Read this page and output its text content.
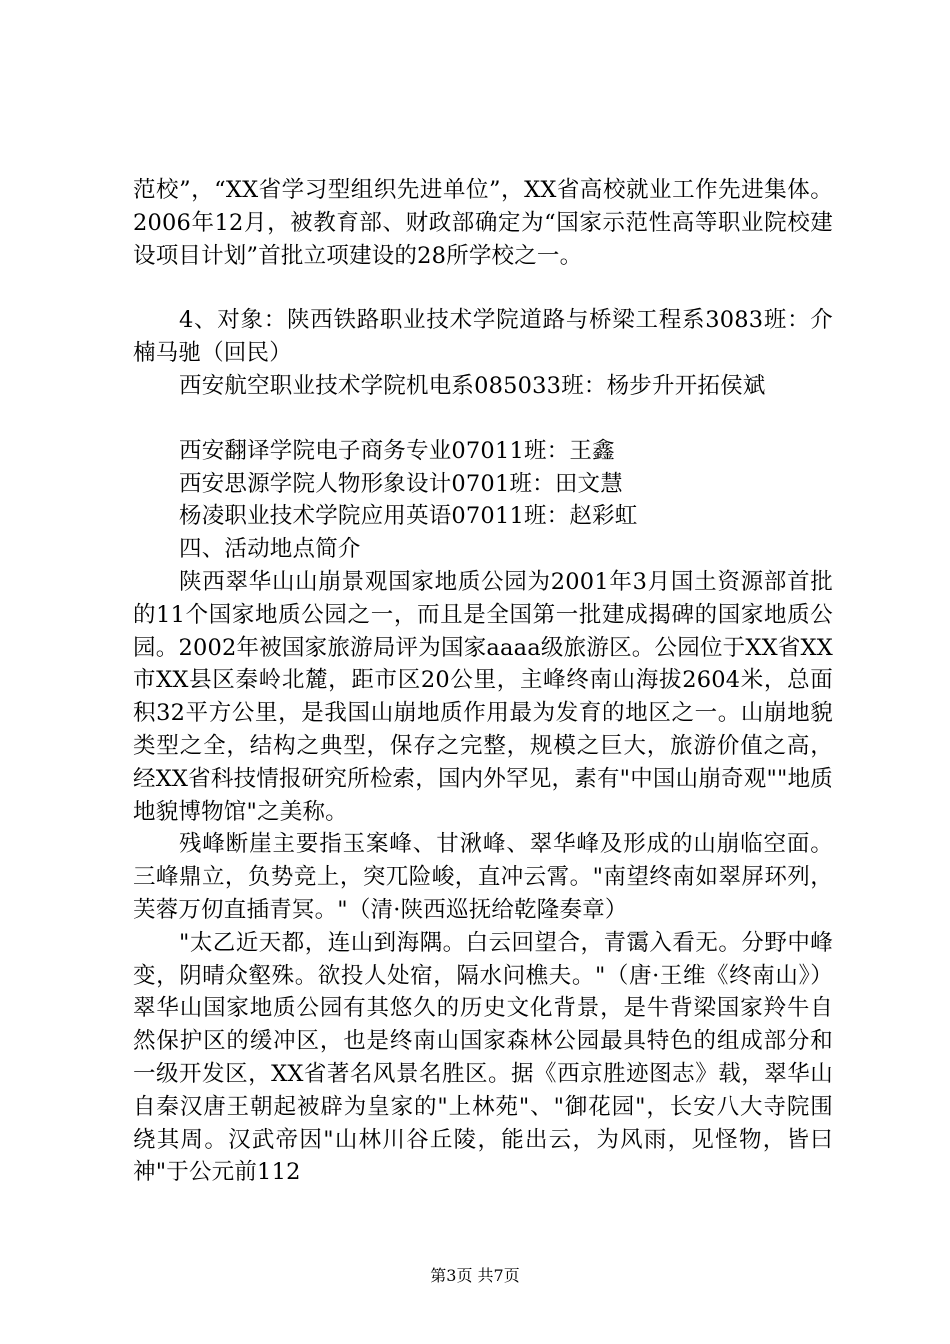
范校”，“XX省学习型组织先进单位”，XX省高校就业工作先进集体。2006年12月，被教育部、财政部确定为“国家示范性高等职业院校建设项目计划”首批立项建设的28所学校之一。

4、对象：陕西铁路职业技术学院道路与桥梁工程系3083班：介楠马驰（回民）

西安航空职业技术学院机电系085033班：杨步升开拓侯斌

西安翻译学院电子商务专业07011班：王鑫

西安思源学院人物形象设计0701班：田文慧

杨凌职业技术学院应用英语07011班：赵彩虹

四、活动地点简介

陕西翠华山山崩景观国家地质公园为2001年3月国土资源部首批的11个国家地质公园之一，而且是全国第一批建成揭碑的国家地质公园。2002年被国家旅游局评为国家aaaa级旅游区。公园位于XX省XX市XX县区秦岭北麓，距市区20公里，主峰终南山海拔2604米，总面积32平方公里，是我国山崩地质作用最为发育的地区之一。山崩地貌类型之全，结构之典型，保存之完整，规模之巨大，旅游价值之高，经XX省科技情报研究所检索，国内外罕见，素有"中国山崩奇观""地质地貌博物馆"之美称。

残峰断崖主要指玉案峰、甘湫峰、翠华峰及形成的山崩临空面。三峰鼎立，负势竞上，突兀险峻，直冲云霄。"南望终南如翠屏环列，芙蓉万仞直插青冥。"（清·陕西巡抚给乾隆奏章）

"太乙近天都，连山到海隅。白云回望合，青霭入看无。分野中峰变，阴晴众壑殊。欲投人处宿，隔水问樵夫。"（唐·王维《终南山》）翠华山国家地质公园有其悠久的历史文化背景，是牛背梁国家羚牛自然保护区的缓冲区，也是终南山国家森林公园最具特色的组成部分和一级开发区，XX省著名风景名胜区。据《西京胜迹图志》载，翠华山自秦汉唐王朝起被辟为皇家的"上林苑"、"御花园"，长安八大寺院围绕其周。汉武帝因"山林川谷丘陵，能出云，为风雨，见怪物，皆曰神"于公元前112

第3页 共7页
